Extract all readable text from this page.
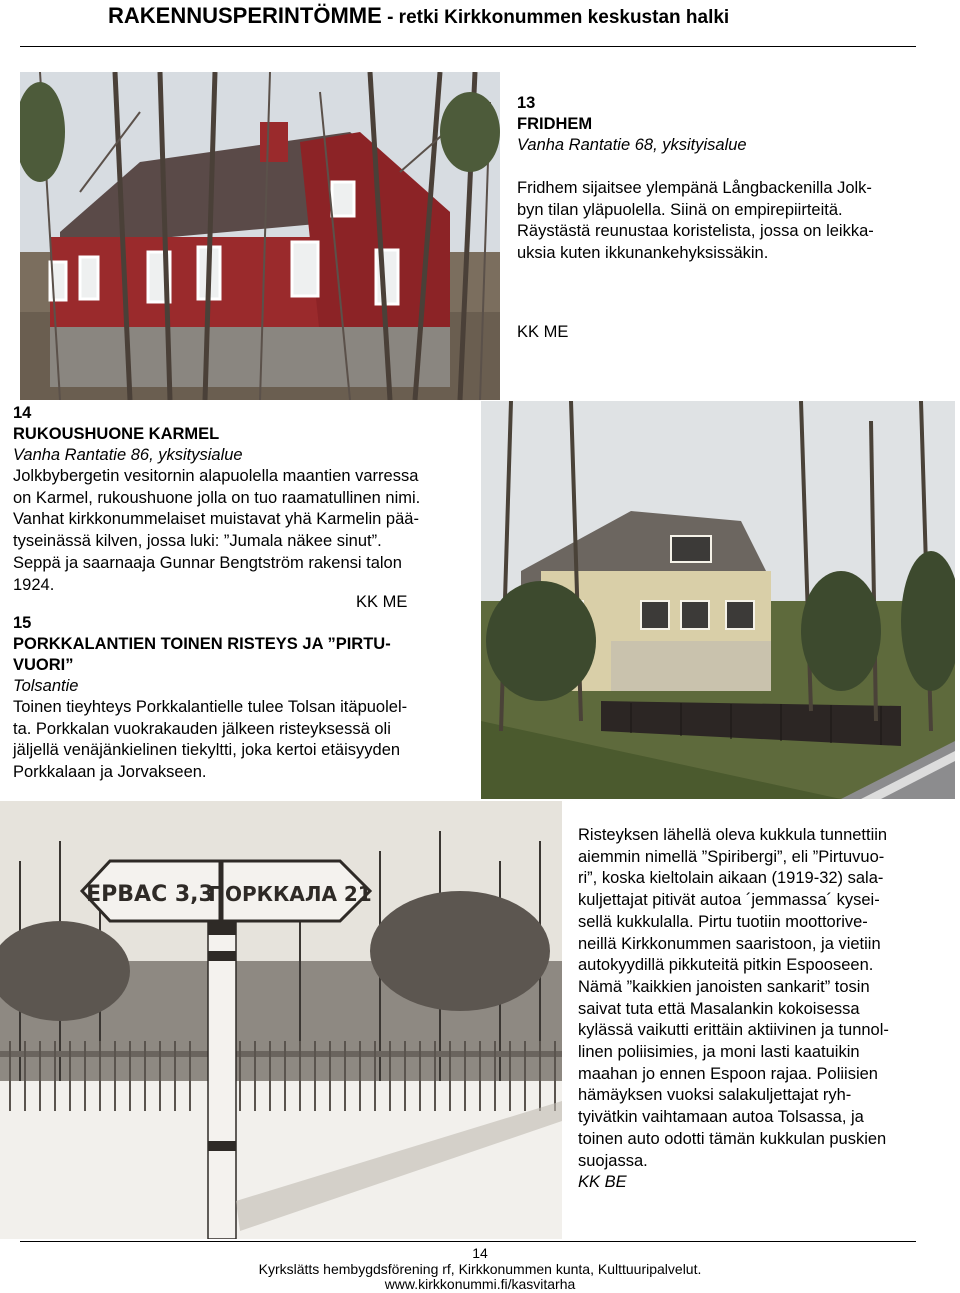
RAKENNUSPERINTÖMME - retki Kirkkonummen keskustan halki
13
FRIDHEM
Vanha Rantatie 68, yksityisalue
Fridhem sijaitsee ylempänä Långbackenilla Jolk-
byn tilan yläpuolella. Siinä on empirepiirteitä.
Räystästä reunustaa koristelista, jossa on leikka-
uksia kuten ikkunankehyksissäkin.
KK ME
14
RUKOUSHUONE KARMEL
Vanha Rantatie 86, yksitysialue
Jolkbybergetin vesitornin alapuolella maantien varressa
on Karmel, rukoushuone jolla on tuo raamatullinen nimi.
Vanhat kirkkonummelaiset muistavat yhä Karmelin pää-
tyseinässä kilven, jossa luki: ”Jumala näkee sinut”.
Seppä ja saarnaaja Gunnar Bengtström rakensi talon
1924.
KK ME
15
PORKKALANTIEN TOINEN RISTEYS JA ”PIRTU-
VUORI”
Tolsantie
Toinen tieyhteys Porkkalantielle tulee Tolsan itäpuolel-
ta. Porkkalan vuokrakauden jälkeen risteyksessä oli
jäljellä venäjänkielinen tiekyltti, joka kertoi etäisyyden
Porkkalaan ja Jorvakseen.
ЕРВАС 3,3
ПОРККАЛА 21
Risteyksen lähellä oleva kukkula tunnettiin
aiemmin nimellä ”Spiribergi”, eli ”Pirtuvuo-
ri”, koska kieltolain aikaan (1919-32) sala-
kuljettajat pitivät autoa ´jemmassa´ kysei-
sellä kukkulalla. Pirtu tuotiin moottorive-
neillä Kirkkonummen saaristoon, ja vietiin
autokyydillä pikkuteitä pitkin Espooseen.
Nämä ”kaikkien janoisten sankarit” tosin
saivat tuta että Masalankin kokoisessa
kylässä vaikutti erittäin aktiivinen ja tunnol-
linen poliisimies, ja moni lasti kaatuikin
maahan jo ennen Espoon rajaa. Poliisien
hämäyksen vuoksi salakuljettajat ryh-
tyivätkin vaihtamaan autoa Tolsassa, ja
toinen auto odotti tämän kukkulan puskien
suojassa.
KK BE
14
Kyrkslätts hembygdsförening rf, Kirkkonummen kunta, Kulttuuripalvelut.
www.kirkkonummi.fi/kasvitarha
